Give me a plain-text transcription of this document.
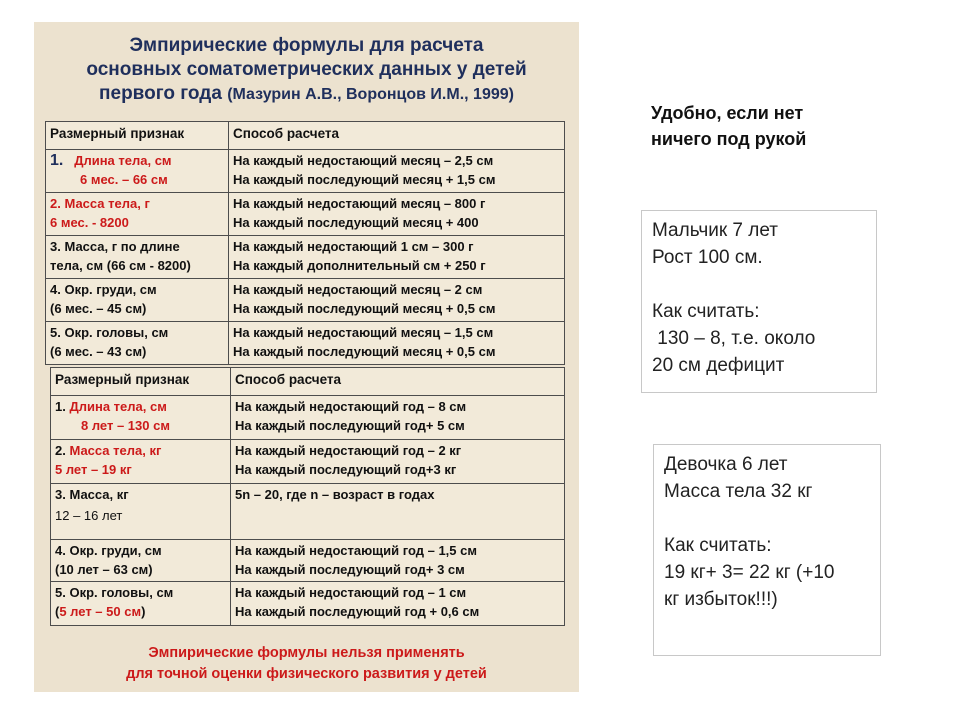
Эмпирические формулы для расчета
основных соматометрических данных у детей
первого года (Мазурин А.В., Воронцов И.М., 1999)
Размерный признак	Способ расчета

1. Длина тела, см
6 мес. – 66 см	На каждый недостающий месяц – 2,5 см
На каждый последующий месяц + 1,5 см

2. Масса тела, г
6 мес. - 8200	На каждый недостающий месяц – 800 г
На каждый последующий месяц + 400

3. Масса, г по длине
тела, см (66 см - 8200)	На каждый недостающий 1 см – 300 г
На каждый дополнительный см + 250 г

4. Окр. груди, см
(6 мес. – 45 см)	На каждый недостающий месяц – 2 см
На каждый последующий месяц + 0,5 см

5. Окр. головы, см
(6 мес. – 43 см)	На каждый недостающий месяц – 1,5 см
На каждый последующий месяц + 0,5 см
Размерный признак	Способ расчета

1. Длина тела, см
8 лет – 130 см	На каждый недостающий год – 8 см
На каждый последующий год+ 5 см

2. Масса тела, кг
5 лет – 19 кг	На каждый недостающий год – 2 кг
На каждый последующий год+3 кг

3. Масса, кг
12 – 16 лет	5n – 20, где n – возраст в годах

4. Окр. груди, см
(10 лет – 63 см)	На каждый недостающий год – 1,5 см
На каждый последующий год+ 3 см

5. Окр. головы, см
(5 лет – 50 см)	На каждый недостающий год – 1 см
На каждый последующий год + 0,6 см
Эмпирические формулы нельзя применять
для точной оценки физического развития у детей
Удобно, если нет
ничего под рукой
Мальчик 7 лет
Рост 100 см.
Как считать:
130 – 8, т.е. около
20 см дефицит
Девочка 6 лет
Масса тела 32 кг
Как считать:
19 кг+ 3= 22 кг (+10
кг избыток!!!)
